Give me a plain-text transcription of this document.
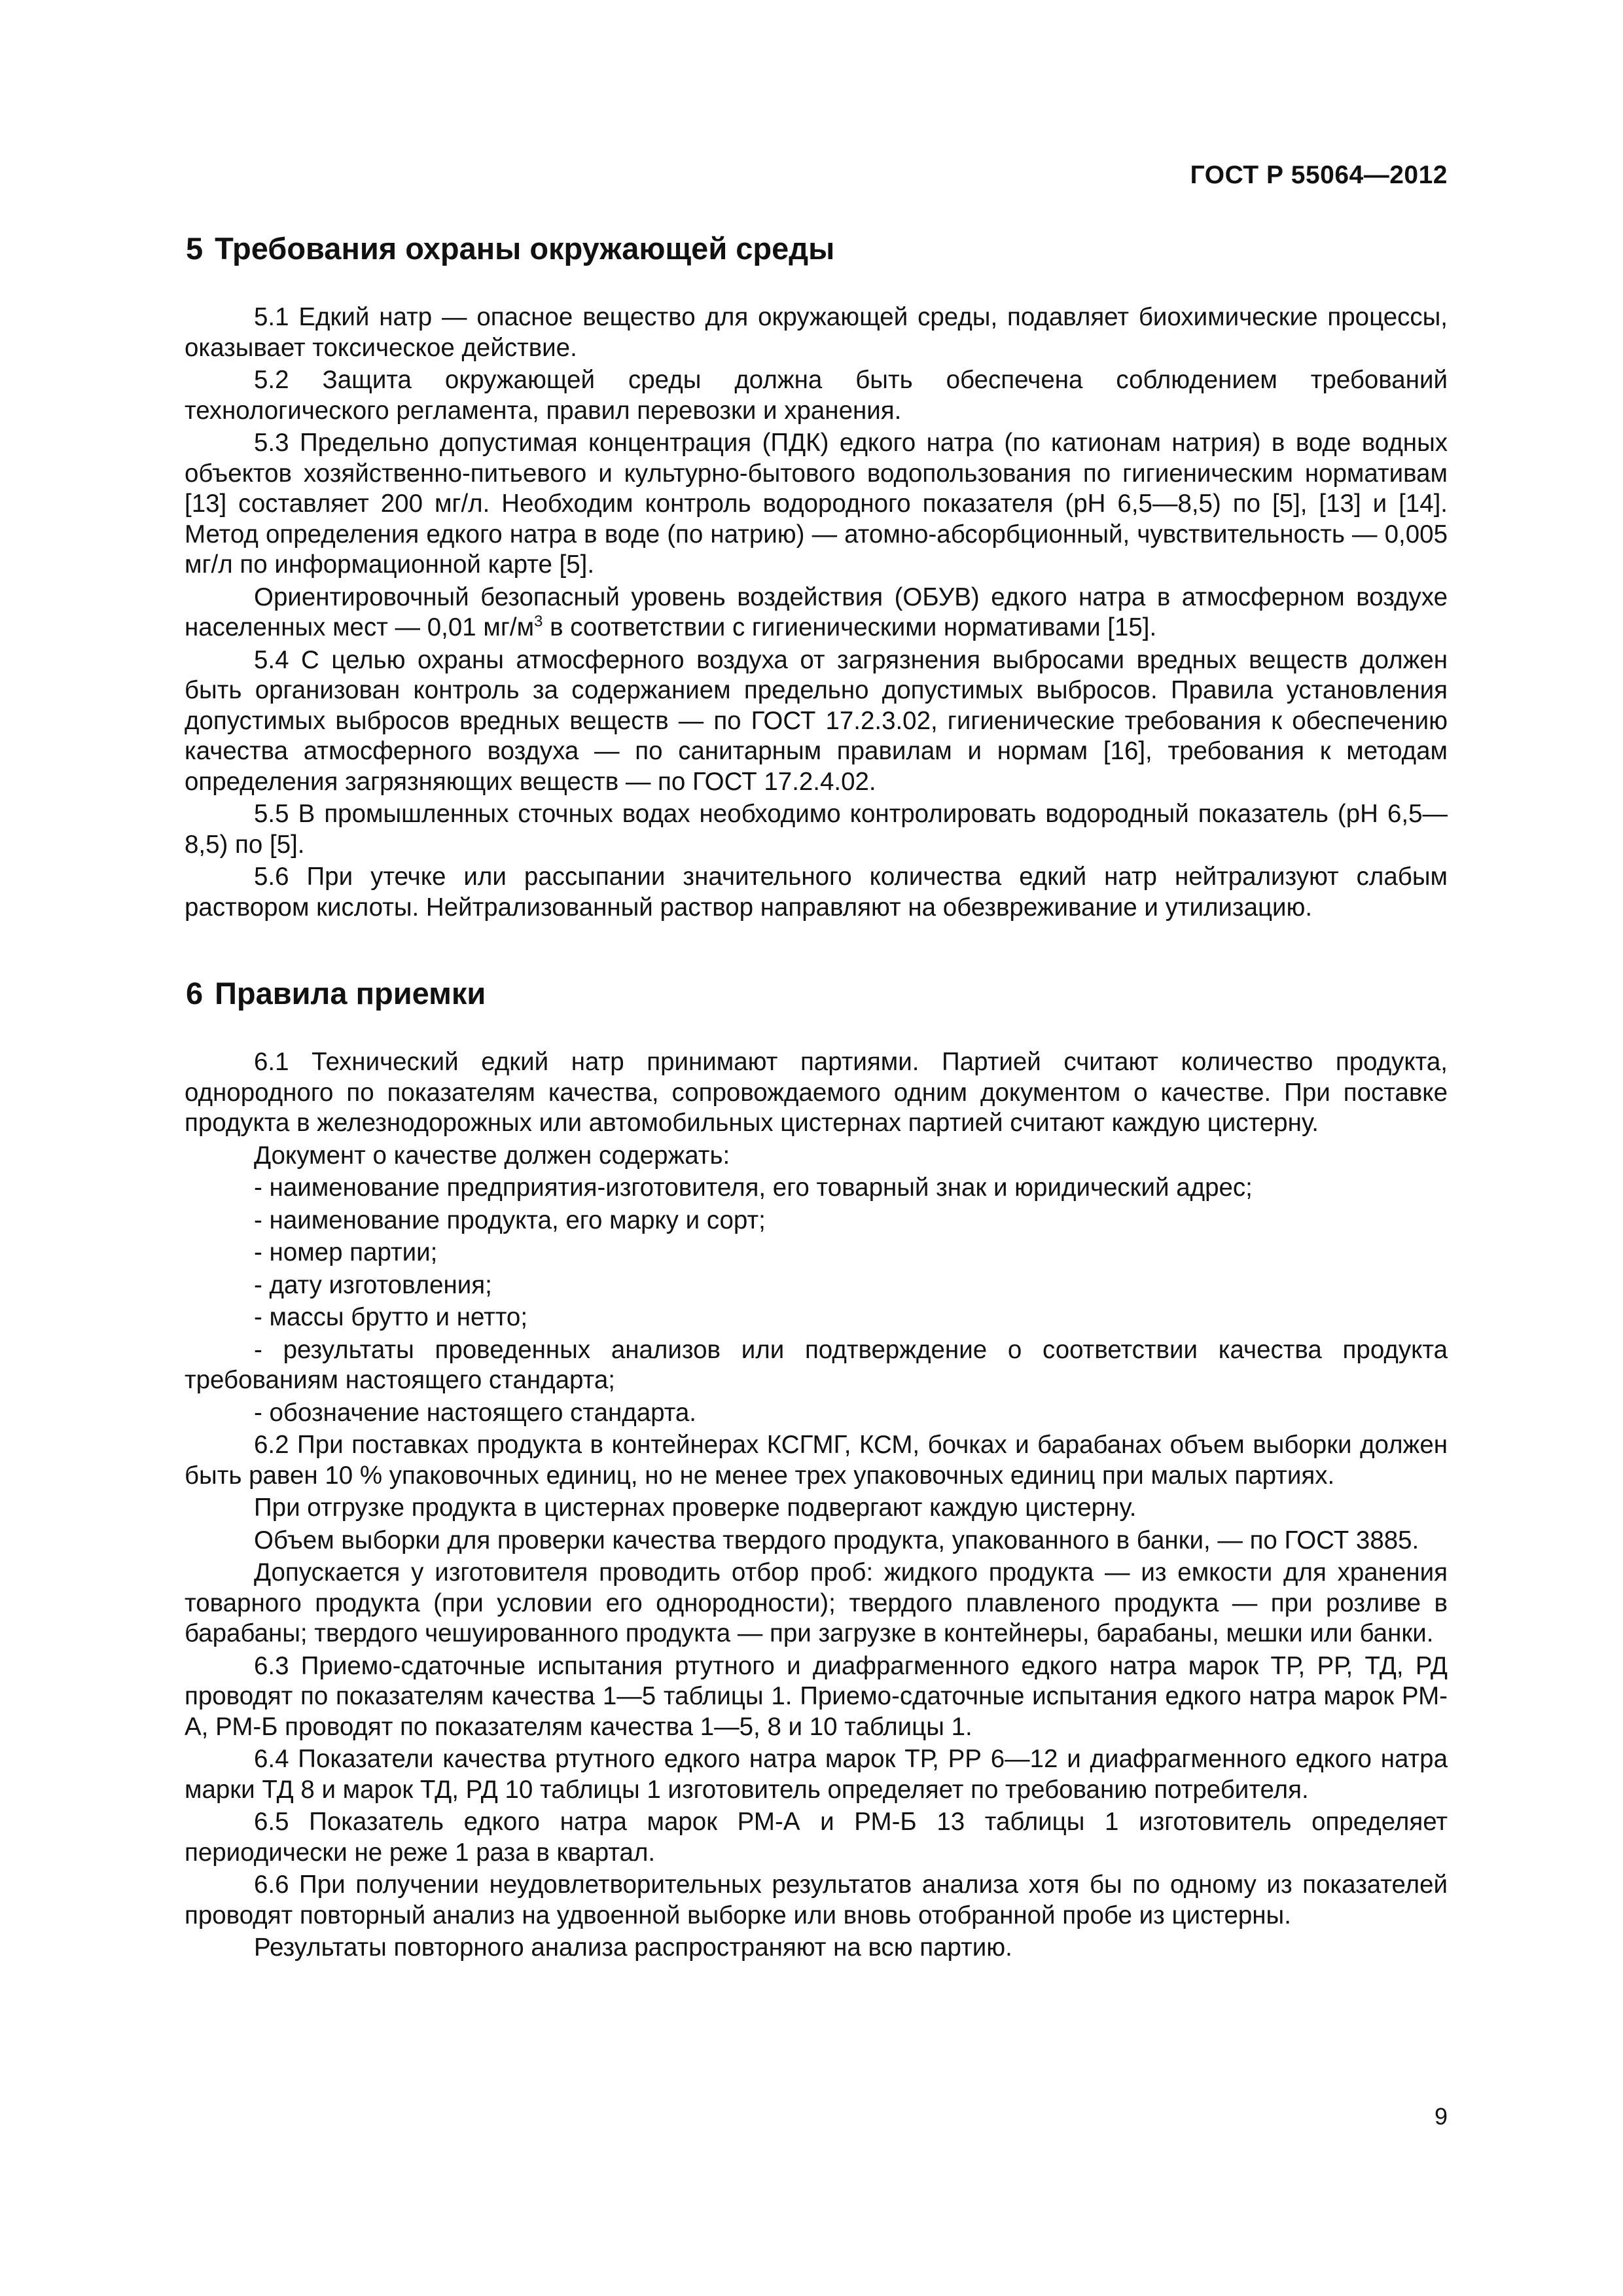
ГОСТ Р 55064—2012
5 Требования охраны окружающей среды

5.1 Едкий натр — опасное вещество для окружающей среды, подавляет биохимические процессы, оказывает токсическое действие.

5.2 Защита окружающей среды должна быть обеспечена соблюдением требований технологического регламента, правил перевозки и хранения.

5.3 Предельно допустимая концентрация (ПДК) едкого натра (по катионам натрия) в воде водных объектов хозяйственно-питьевого и культурно-бытового водопользования по гигиеническим нормативам [13] составляет 200 мг/л. Необходим контроль водородного показателя (pH 6,5—8,5) по [5], [13] и [14]. Метод определения едкого натра в воде (по натрию) — атомно-абсорбционный, чувствительность — 0,005 мг/л по информационной карте [5].

Ориентировочный безопасный уровень воздействия (ОБУВ) едкого натра в атмосферном воздухе населенных мест — 0,01 $мг/м^3$ в соответствии с гигиеническими нормативами [15].

5.4 С целью охраны атмосферного воздуха от загрязнения выбросами вредных веществ должен быть организован контроль за содержанием предельно допустимых выбросов. Правила установления допустимых выбросов вредных веществ — по ГОСТ 17.2.3.02, гигиенические требования к обеспечению качества атмосферного воздуха — по санитарным правилам и нормам [16], требования к методам определения загрязняющих веществ — по ГОСТ 17.2.4.02.

5.5 В промышленных сточных водах необходимо контролировать водородный показатель (pH 6,5—8,5) по [5].

5.6 При утечке или рассыпании значительного количества едкий натр нейтрализуют слабым раствором кислоты. Нейтрализованный раствор направляют на обезвреживание и утилизацию.

6 Правила приемки

6.1 Технический едкий натр принимают партиями. Партией считают количество продукта, однородного по показателям качества, сопровождаемого одним документом о качестве. При поставке продукта в железнодорожных или автомобильных цистернах партией считают каждую цистерну.

Документ о качестве должен содержать:

- наименование предприятия-изготовителя, его товарный знак и юридический адрес;

- наименование продукта, его марку и сорт;

- номер партии;

- дату изготовления;

- массы брутто и нетто;

- результаты проведенных анализов или подтверждение о соответствии качества продукта требованиям настоящего стандарта;

- обозначение настоящего стандарта.

6.2 При поставках продукта в контейнерах КСГМГ, КСМ, бочках и барабанах объем выборки должен быть равен 10 % упаковочных единиц, но не менее трех упаковочных единиц при малых партиях.

При отгрузке продукта в цистернах проверке подвергают каждую цистерну.

Объем выборки для проверки качества твердого продукта, упакованного в банки, — по ГОСТ 3885.

Допускается у изготовителя проводить отбор проб: жидкого продукта — из емкости для хранения товарного продукта (при условии его однородности); твердого плавленого продукта — при розливе в барабаны; твердого чешуированного продукта — при загрузке в контейнеры, барабаны, мешки или банки.

6.3 Приемо-сдаточные испытания ртутного и диафрагменного едкого натра марок ТР, РР, ТД, РД проводят по показателям качества 1—5 таблицы 1. Приемо-сдаточные испытания едкого натра марок РМ-А, РМ-Б проводят по показателям качества 1—5, 8 и 10 таблицы 1.

6.4 Показатели качества ртутного едкого натра марок ТР, РР 6—12 и диафрагменного едкого натра марки ТД 8 и марок ТД, РД 10 таблицы 1 изготовитель определяет по требованию потребителя.

6.5 Показатель едкого натра марок РМ-А и РМ-Б 13 таблицы 1 изготовитель определяет периодически не реже 1 раза в квартал.

6.6 При получении неудовлетворительных результатов анализа хотя бы по одному из показателей проводят повторный анализ на удвоенной выборке или вновь отобранной пробе из цистерны.

Результаты повторного анализа распространяют на всю партию.

9
